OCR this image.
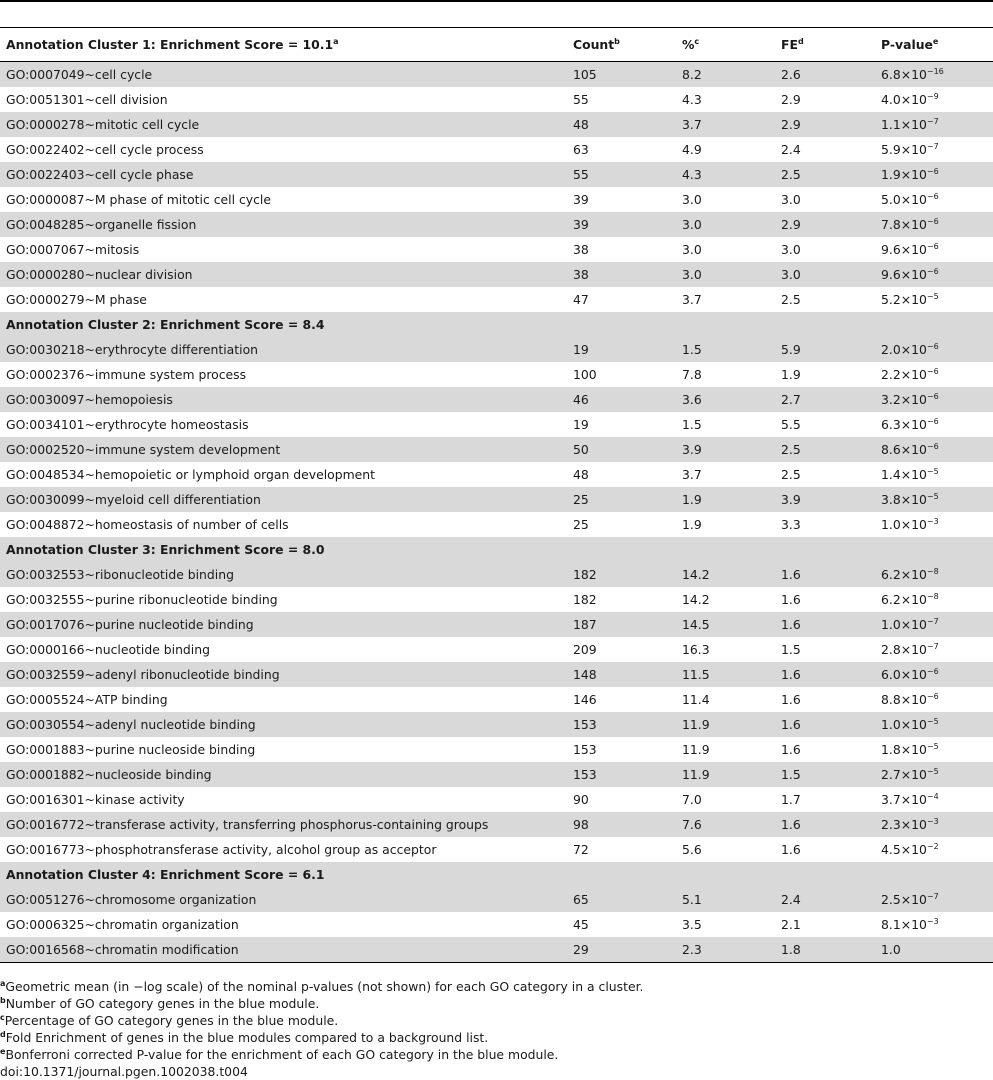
Annotation Cluster 1: Enrichment Score = 10.1$^a$	Count$^b$	%$^c$	$FE^d$	P-value$^e$
GO:0007049~cell cycle	105	8.2	2.6	$6.8\times 10^{-16}$
GO:0051301~cell division	55	4.3	2.9	$4.0\times 10^{-9}$
GO:0000278~mitotic cell cycle	48	3.7	2.9	$1.1\times 10^{-7}$
GO:0022402~cell cycle process	63	4.9	2.4	$5.9\times 10^{-7}$
GO:0022403~cell cycle phase	55	4.3	2.5	$1.9\times 10^{-6}$
GO:0000087~M phase of mitotic cell cycle	39	3.0	3.0	$5.0\times 10^{-6}$
GO:0048285~organelle fission	39	3.0	2.9	$7.8\times 10^{-6}$
GO:0007067~mitosis	38	3.0	3.0	$9.6\times 10^{-6}$
GO:0000280~nuclear division	38	3.0	3.0	$9.6\times 10^{-6}$
GO:0000279~M phase	47	3.7	2.5	$5.2\times 10^{-5}$
Annotation Cluster 2: Enrichment Score = 8.4				
GO:0030218~erythrocyte differentiation	19	1.5	5.9	$2.0\times 10^{-6}$
GO:0002376~immune system process	100	7.8	1.9	$2.2\times 10^{-6}$
GO:0030097~hemopoiesis	46	3.6	2.7	$3.2\times 10^{-6}$
GO:0034101~erythrocyte homeostasis	19	1.5	5.5	$6.3\times 10^{-6}$
GO:0002520~immune system development	50	3.9	2.5	$8.6\times 10^{-6}$
GO:0048534~hemopoietic or lymphoid organ development	48	3.7	2.5	$1.4\times 10^{-5}$
GO:0030099~myeloid cell differentiation	25	1.9	3.9	$3.8\times 10^{-5}$
GO:0048872~homeostasis of number of cells	25	1.9	3.3	$1.0\times 10^{-3}$
Annotation Cluster 3: Enrichment Score = 8.0				
GO:0032553~ribonucleotide binding	182	14.2	1.6	$6.2\times 10^{-8}$
GO:0032555~purine ribonucleotide binding	182	14.2	1.6	$6.2\times 10^{-8}$
GO:0017076~purine nucleotide binding	187	14.5	1.6	$1.0\times 10^{-7}$
GO:0000166~nucleotide binding	209	16.3	1.5	$2.8\times 10^{-7}$
GO:0032559~adenyl ribonucleotide binding	148	11.5	1.6	$6.0\times 10^{-6}$
GO:0005524~ATP binding	146	11.4	1.6	$8.8\times 10^{-6}$
GO:0030554~adenyl nucleotide binding	153	11.9	1.6	$1.0\times 10^{-5}$
GO:0001883~purine nucleoside binding	153	11.9	1.6	$1.8\times 10^{-5}$
GO:0001882~nucleoside binding	153	11.9	1.5	$2.7\times 10^{-5}$
GO:0016301~kinase activity	90	7.0	1.7	$3.7\times 10^{-4}$
GO:0016772~transferase activity, transferring phosphorus-containing groups	98	7.6	1.6	$2.3\times 10^{-3}$
GO:0016773~phosphotransferase activity, alcohol group as acceptor	72	5.6	1.6	$4.5\times 10^{-2}$
Annotation Cluster 4: Enrichment Score = 6.1				
GO:0051276~chromosome organization	65	5.1	2.4	$2.5\times 10^{-7}$
GO:0006325~chromatin organization	45	3.5	2.1	$8.1\times 10^{-3}$
GO:0016568~chromatin modification	29	2.3	1.8	1.0
$^a$Geometric mean (in −log scale) of the nominal p-values (not shown) for each GO category in a cluster.
$^b$Number of GO category genes in the blue module.
$^c$Percentage of GO category genes in the blue module.
$^d$Fold Enrichment of genes in the blue modules compared to a background list.
$^e$Bonferroni corrected P-value for the enrichment of each GO category in the blue module.
doi:10.1371/journal.pgen.1002038.t004
